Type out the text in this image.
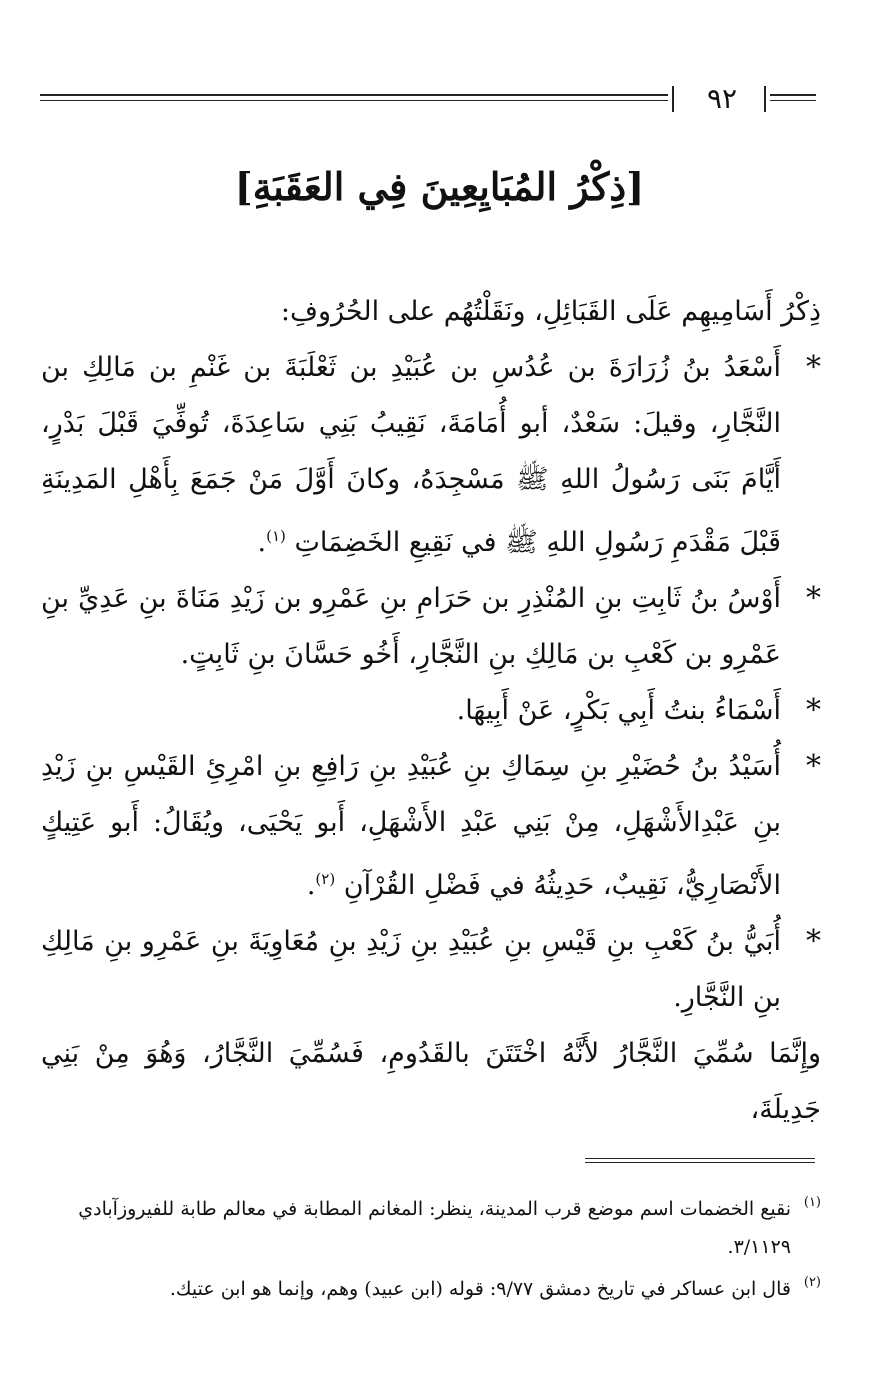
٩٢
[ذِكْرُ المُبَايِعِينَ فِي العَقَبَةِ]

ذِكْرُ أَسَامِيهِم عَلَى القَبَائِلِ، ونَقَلْتُهُم على الحُرُوفِ:

*
أَسْعَدُ بنُ زُرَارَةَ بن عُدُسِ بن عُبَيْدِ بن ثَعْلَبَةَ بن غَنْمِ بن مَالِكِ بن النَّجَّارِ، وقيلَ: سَعْدٌ، أبو أُمَامَةَ، نَقِيبُ بَنِي سَاعِدَةَ، تُوفِّيَ قَبْلَ بَدْرٍ، أَيَّامَ بَنَى رَسُولُ اللهِ ﷺ مَسْجِدَهُ، وكانَ أَوَّلَ مَنْ جَمَعَ بِأَهْلِ المَدِينَةِ قَبْلَ مَقْدَمِ رَسُولِ اللهِ ﷺ في نَقِيعِ الخَضِمَاتِ $^{(١)}$.

*
أَوْسُ بنُ ثَابِتِ بنِ المُنْذِرِ بن حَرَامِ بنِ عَمْرِو بن زَيْدِ مَنَاةَ بنِ عَدِيِّ بنِ عَمْرِو بن كَعْبِ بن مَالِكِ بنِ النَّجَّارِ، أَخُو حَسَّانَ بنِ ثَابِتٍ.

*
أَسْمَاءُ بنتُ أَبِي بَكْرٍ، عَنْ أَبِيهَا.

*
أُسَيْدُ بنُ حُضَيْرِ بنِ سِمَاكِ بنِ عُبَيْدِ بنِ رَافِعِ بنِ امْرِئِ القَيْسِ بنِ زَيْدِ بنِ عَبْدِالأَشْهَلِ، مِنْ بَنِي عَبْدِ الأَشْهَلِ، أَبو يَحْيَى، ويُقَالُ: أَبو عَتِيكٍ الأَنْصَارِيُّ، نَقِيبٌ، حَدِيثُهُ في فَضْلِ القُرْآنِ $^{(٢)}$.

*
أُبَيُّ بنُ كَعْبِ بنِ قَيْسِ بنِ عُبَيْدِ بنِ زَيْدِ بنِ مُعَاوِيَةَ بنِ عَمْرِو بنِ مَالِكِ بنِ النَّجَّارِ.

وإِنَّمَا سُمِّيَ النَّجَّارُ لأَنَّهُ اخْتَتَنَ بالقَدُومِ، فَسُمِّيَ النَّجَّارُ، وَهُوَ مِنْ بَنِي جَدِيلَةَ،

(١)
نقيع الخضمات اسم موضع قرب المدينة، ينظر: المغانم المطابة في معالم طابة للفيروزآبادي ٣/١١٢٩.

(٢)
قال ابن عساكر في تاريخ دمشق ٩/٧٧: قوله (ابن عبيد) وهم، وإنما هو ابن عتيك.
